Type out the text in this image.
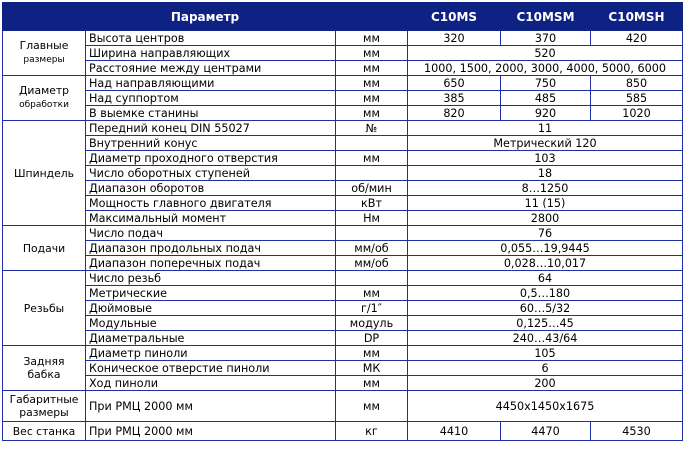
Параметр			C10MS	C10MSM	C10MSH
Главные
размеры	Высота центров	мм	320	370	420
	Ширина направляющих	мм	520		
	Расстояние между центрами	мм	1000, 1500, 2000, 3000, 4000, 5000, 6000		
Диаметр
обработки	Над направляющими	мм	650	750	850
	Над суппортом	мм	385	485	585
	В выемке станины	мм	820	920	1020
Шпиндель	Передний конец DIN 55027	№	11		
	Внутренний конус		Метрический 120		
	Диаметр проходного отверстия	мм	103		
	Число оборотных ступеней		18		
	Диапазон оборотов	об/мин	8…1250		
	Мощность главного двигателя	кВт	11 (15)		
	Максимальный момент	Нм	2800		
Подачи	Число подач		76		
	Диапазон продольных подач	мм/об	0,055…19,9445		
	Диапазон поперечных подач	мм/об	0,028…10,017		
Резьбы	Число резьб		64		
	Метрические	мм	0,5…180		
	Дюймовые	г/1″	60…5/32		
	Модульные	модуль	0,125…45		
	Диаметральные	DP	240…43/64		
Задняя
бабка	Диаметр пиноли	мм	105		
	Коническое отверстие пиноли	МК	6		
	Ход пиноли	мм	200		
Габаритные
размеры	При РМЦ 2000 мм	мм	4450x1450x1675		
Вес станка	При РМЦ 2000 мм	кг	4410	4470	4530
